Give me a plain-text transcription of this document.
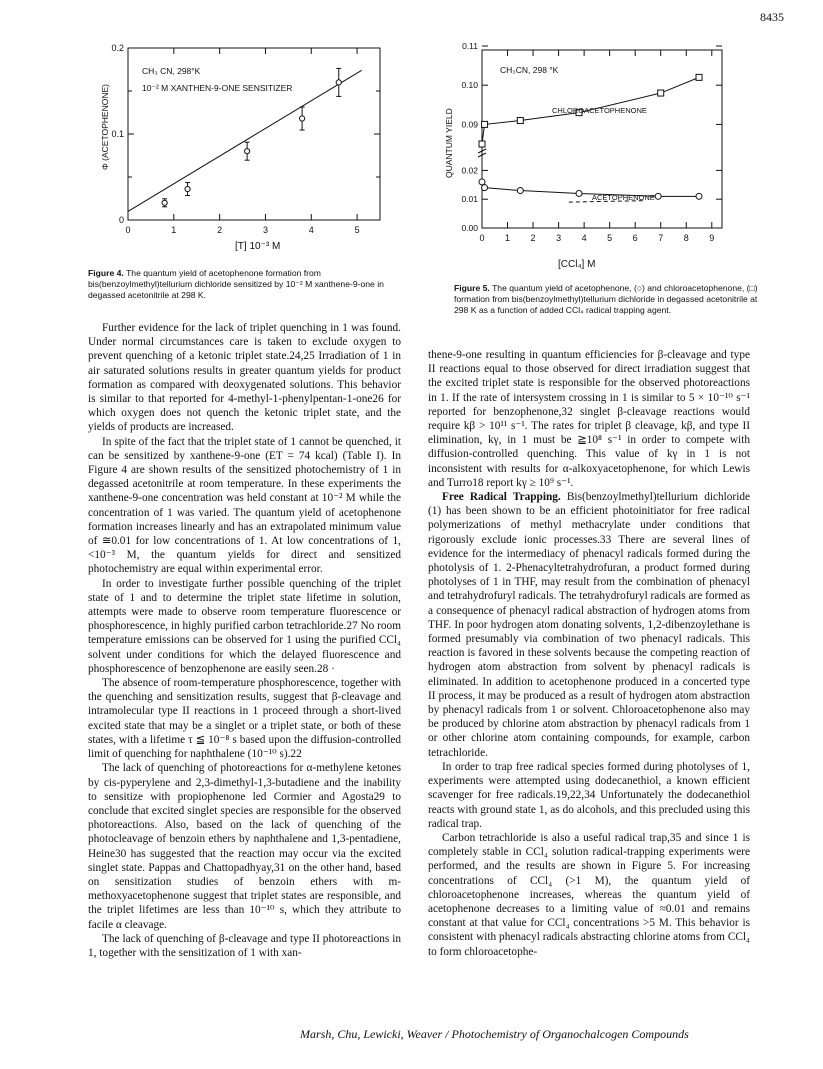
8435
0	1	2	3	4	5
0
0.1
0.2
CH₃ CN, 298°K
10⁻² M XANTHEN-9-ONE SENSITIZER
Φ (ACETOPHENONE)
[T] 10⁻³ M
Figure 4. The quantum yield of acetophenone formation from bis(benzoylmethyl)tellurium dichloride sensitized by 10⁻² M xanthene-9-one in degassed acetonitrile at 298 K.
0 1 2 3 4 5 6 7 8 9
0.00
0.01
0.02
0.09
0.10
0.11
CH₃CN, 298 °K
CHLOROACETOPHENONE
ACETOPHENONE
QUANTUM YIELD
[CCl₄] M
Figure 5. The quantum yield of acetophenone, (○) and chloroacetophenone, (□) formation from bis(benzoylmethyl)tellurium dichloride in degassed acetonitrile at 298 K as a function of added CCl₄ radical trapping agent.

Further evidence for the lack of triplet quenching in 1 was found. Under normal circumstances care is taken to exclude oxygen to prevent quenching of a ketonic triplet state.24,25 Irradiation of 1 in air saturated solutions results in greater quantum yields for product formation as compared with deoxygenated solutions. This behavior is similar to that reported for 4-methyl-1-phenylpentan-1-one26 for which oxygen does not quench the ketonic triplet state, and the yields of products are increased.

In spite of the fact that the triplet state of 1 cannot be quenched, it can be sensitized by xanthene-9-one (ET = 74 kcal) (Table I). In Figure 4 are shown results of the sensitized photochemistry of 1 in degassed acetonitrile at room temperature. In these experiments the xanthene-9-one concentration was held constant at 10⁻² M while the concentration of 1 was varied. The quantum yield of acetophenone formation increases linearly and has an extrapolated minimum value of ≅0.01 for low concentrations of 1. At low concentrations of 1, <10⁻³ M, the quantum yields for direct and sensitized photochemistry are equal within experimental error.

In order to investigate further possible quenching of the triplet state of 1 and to determine the triplet state lifetime in solution, attempts were made to observe room temperature fluorescence or phosphorescence, in highly purified carbon tetrachloride.27 No room temperature emissions can be observed for 1 using the purified CCl₄ solvent under conditions for which the delayed fluorescence and phosphorescence of benzophenone are easily seen.28 ·

The absence of room-temperature phosphorescence, together with the quenching and sensitization results, suggest that β-cleavage and intramolecular type II reactions in 1 proceed through a short-lived excited state that may be a singlet or a triplet state, or both of these states, with a lifetime τ ≦ 10⁻⁸ s based upon the diffusion-controlled limit of quenching for naphthalene (10⁻¹⁰ s).22

The lack of quenching of photoreactions for α-methylene ketones by cis-pyperylene and 2,3-dimethyl-1,3-butadiene and the inability to sensitize with propiophenone led Cormier and Agosta29 to conclude that excited singlet species are responsible for the observed photoreactions. Also, based on the lack of quenching of the photocleavage of benzoin ethers by naphthalene and 1,3-pentadiene, Heine30 has suggested that the reaction may occur via the excited singlet state. Pappas and Chattopadhyay,31 on the other hand, based on sensitization studies of benzoin ethers with m-methoxyacetophenone suggest that triplet states are responsible, and the triplet lifetimes are less than 10⁻¹⁰ s, which they attribute to facile α cleavage.

The lack of quenching of β-cleavage and type II photoreactions in 1, together with the sensitization of 1 with xan-

thene-9-one resulting in quantum efficiencies for β-cleavage and type II reactions equal to those observed for direct irradiation suggest that the excited triplet state is responsible for the observed photoreactions in 1. If the rate of intersystem crossing in 1 is similar to 5 × 10⁻¹⁰ s⁻¹ reported for benzophenone,32 singlet β-cleavage reactions would require kβ > 10¹¹ s⁻¹. The rates for triplet β cleavage, kβ, and type II elimination, kγ, in 1 must be ≧10⁸ s⁻¹ in order to compete with diffusion-controlled quenching. This value of kγ in 1 is not inconsistent with results for α-alkoxyacetophenone, for which Lewis and Turro18 report kγ ≥ 10⁹ s⁻¹.

Free Radical Trapping. Bis(benzoylmethyl)tellurium dichloride (1) has been shown to be an efficient photoinitiator for free radical polymerizations of methyl methacrylate under conditions that rigorously exclude ionic processes.33 There are several lines of evidence for the intermediacy of phenacyl radicals formed during the photolysis of 1. 2-Phenacyltetrahydrofuran, a product formed during photolyses of 1 in THF, may result from the combination of phenacyl and tetrahydrofuryl radicals. The tetrahydrofuryl radicals are formed as a consequence of phenacyl radical abstraction of hydrogen atoms from THF. In poor hydrogen atom donating solvents, 1,2-dibenzoylethane is formed presumably via combination of two phenacyl radicals. This reaction is favored in these solvents because the competing reaction of hydrogen atom abstraction from solvent by phenacyl radicals is eliminated. In addition to acetophenone produced in a concerted type II process, it may be produced as a result of hydrogen atom abstraction by phenacyl radicals from 1 or solvent. Chloroacetophenone also may be produced by chlorine atom abstraction by phenacyl radicals from 1 or other chlorine atom containing compounds, for example, carbon tetrachloride.

In order to trap free radical species formed during photolyses of 1, experiments were attempted using dodecanethiol, a known efficient scavenger for free radicals.19,22,34 Unfortunately the dodecanethiol reacts with ground state 1, as do alcohols, and this precluded using this radical trap.

Carbon tetrachloride is also a useful radical trap,35 and since 1 is completely stable in CCl₄ solution radical-trapping experiments were performed, and the results are shown in Figure 5. For increasing concentrations of CCl₄ (>1 M), the quantum yield of chloroacetophenone increases, whereas the quantum yield of acetophenone decreases to a limiting value of ≈0.01 and remains constant at that value for CCl₄ concentrations >5 M. This behavior is consistent with phenacyl radicals abstracting chlorine atoms from CCl₄ to form chloroacetophe-

Marsh, Chu, Lewicki, Weaver / Photochemistry of Organochalcogen Compounds
